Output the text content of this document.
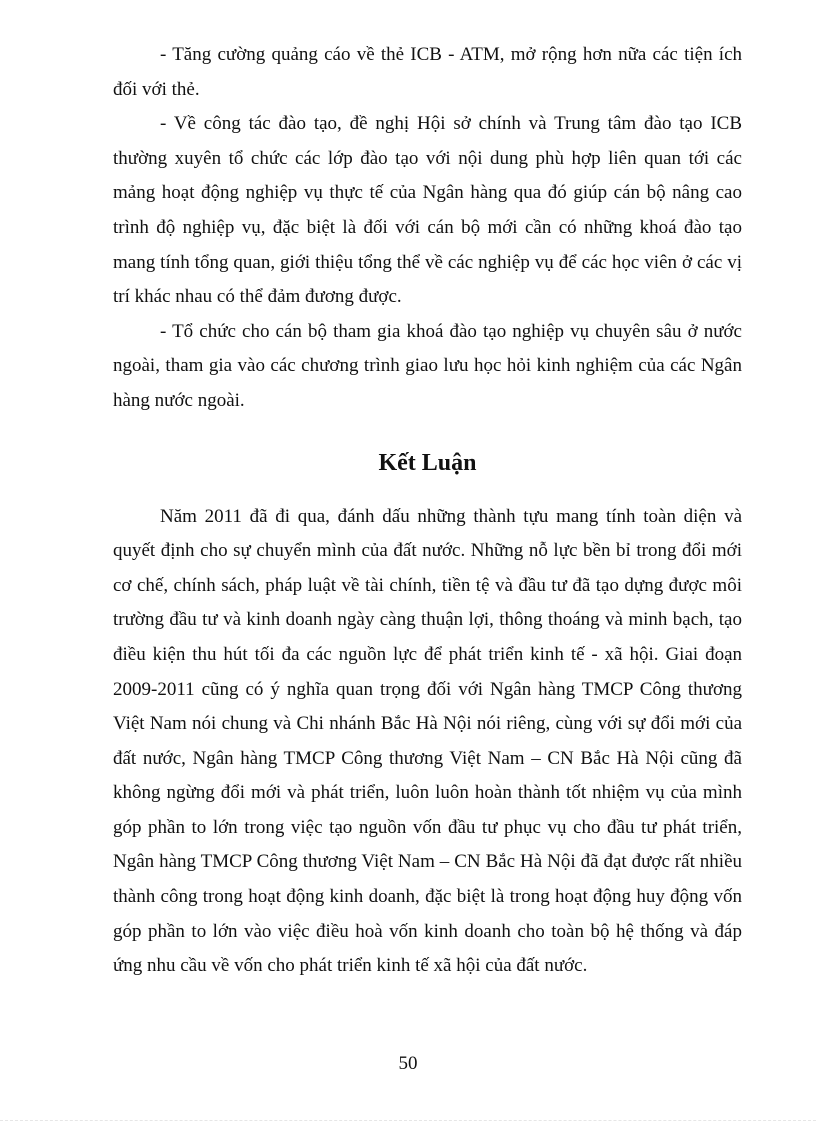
- Tăng cường quảng cáo về thẻ ICB - ATM, mở rộng hơn nữa các tiện ích đối với thẻ.

- Về công tác đào tạo, đề nghị Hội sở chính và Trung tâm đào tạo ICB thường xuyên tổ chức các lớp đào tạo với nội dung phù hợp liên quan tới các mảng hoạt động nghiệp vụ thực tế của Ngân hàng qua đó giúp cán bộ nâng cao trình độ nghiệp vụ, đặc biệt là đối với cán bộ mới cần có những khoá đào tạo mang tính tổng quan, giới thiệu tổng thể về các nghiệp vụ để các học viên ở các vị trí khác nhau có thể đảm đương được.

- Tổ chức cho cán bộ tham gia khoá đào tạo nghiệp vụ chuyên sâu ở nước ngoài, tham gia vào các chương trình giao lưu học hỏi kinh nghiệm của các Ngân hàng nước ngoài.

Kết Luận

Năm 2011 đã đi qua, đánh dấu những thành tựu mang tính toàn diện và quyết định cho sự chuyển mình của đất nước. Những nỗ lực bền bỉ trong đổi mới cơ chế, chính sách, pháp luật về tài chính, tiền tệ và đầu tư đã tạo dựng được môi trường đầu tư và kinh doanh ngày càng thuận lợi, thông thoáng và minh bạch, tạo điều kiện thu hút tối đa các nguồn lực để phát triển kinh tế - xã hội. Giai đoạn 2009-2011 cũng có ý nghĩa quan trọng đối với Ngân hàng TMCP Công thương Việt Nam nói chung và Chi nhánh Bắc Hà Nội nói riêng, cùng với sự đổi mới của đất nước, Ngân hàng TMCP Công thương Việt Nam – CN Bắc Hà Nội cũng đã không ngừng đổi mới và phát triển, luôn luôn hoàn thành tốt nhiệm vụ của mình góp phần to lớn trong việc tạo nguồn vốn đầu tư phục vụ cho đầu tư phát triển, Ngân hàng TMCP Công thương Việt Nam – CN Bắc Hà Nội đã đạt được rất nhiều thành công trong hoạt động kinh doanh, đặc biệt là trong hoạt động huy động vốn góp phần to lớn vào việc điều hoà vốn kinh doanh cho toàn bộ hệ thống và đáp ứng nhu cầu về vốn cho phát triển kinh tế xã hội của đất nước.

50
